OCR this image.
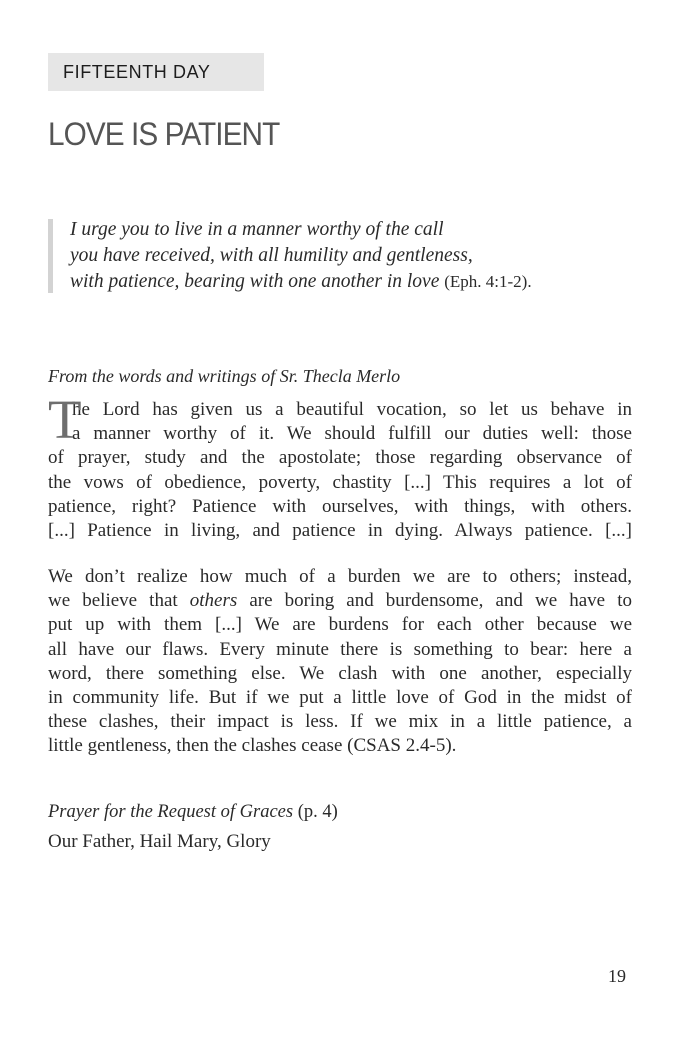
FIFTEENTH DAY
LOVE IS PATIENT
I urge you to live in a manner worthy of the call
you have received, with all humility and gentleness,
with patience, bearing with one another in love (Eph. 4:1-2).
From the words and writings of Sr. Thecla Merlo
T
he Lord has given us a beautiful vocation, so let us behave in
a manner worthy of it. We should fulfill our duties well: those
of prayer, study and the apostolate; those regarding observance of
the vows of obedience, poverty, chastity [...] This requires a lot of
patience, right? Patience with ourselves, with things, with others.
[...] Patience in living, and patience in dying. Always patience. [...]
We don’t realize how much of a burden we are to others; instead,
we believe that others are boring and burdensome, and we have to
put up with them [...] We are burdens for each other because we
all have our flaws. Every minute there is something to bear: here a
word, there something else. We clash with one another, especially
in community life. But if we put a little love of God in the midst of
these clashes, their impact is less. If we mix in a little patience, a
little gentleness, then the clashes cease (CSAS 2.4-5).
Prayer for the Request of Graces (p. 4)
Our Father, Hail Mary, Glory
19
